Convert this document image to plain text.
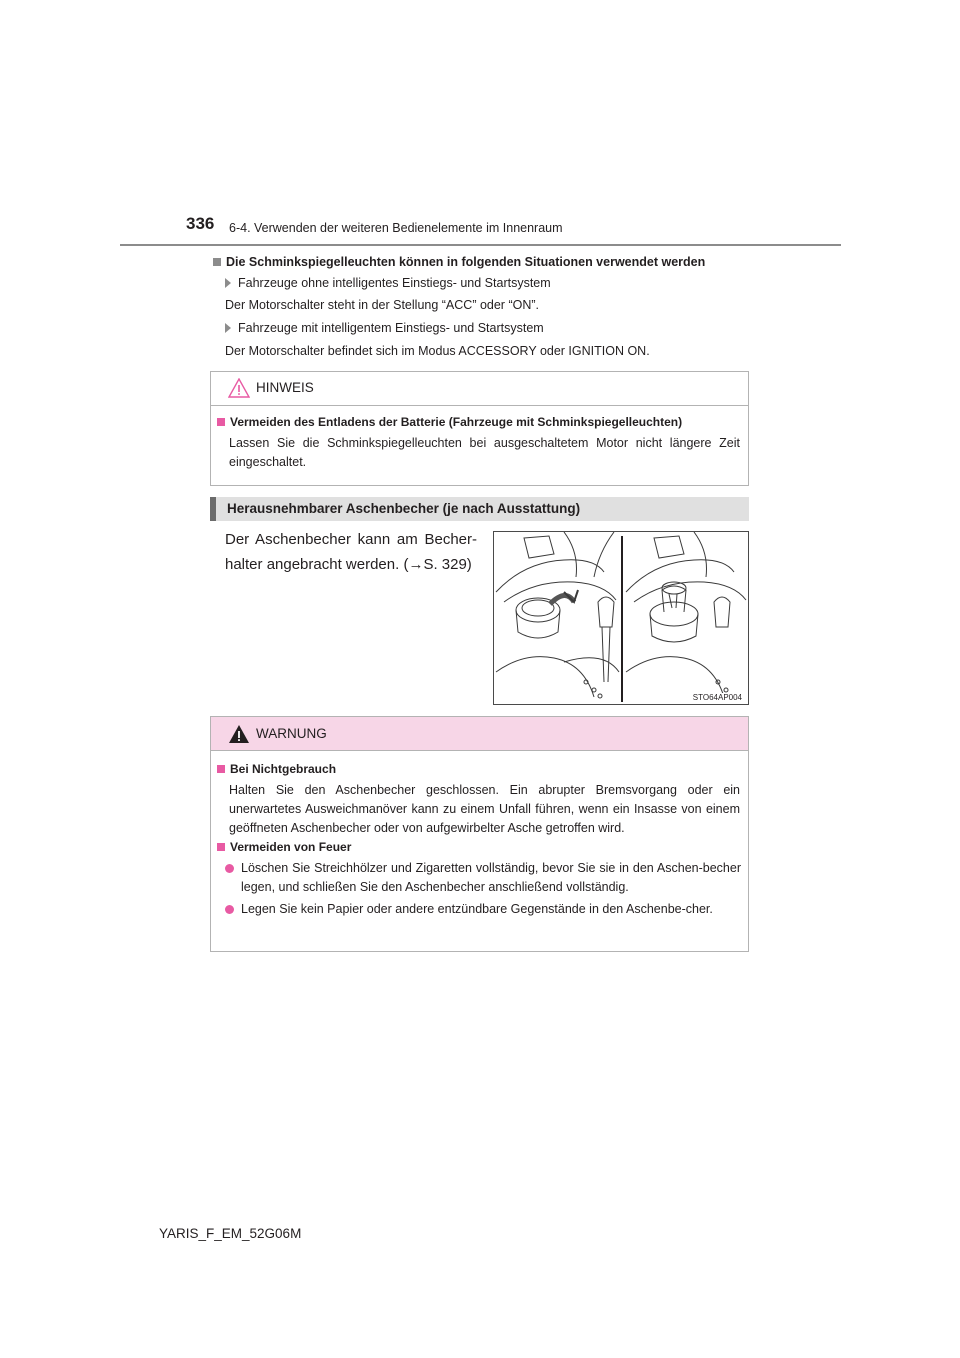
336 6-4. Verwenden der weiteren Bedienelemente im Innenraum
Die Schminkspiegelleuchten können in folgenden Situationen verwendet werden
Fahrzeuge ohne intelligentes Einstiegs- und Startsystem
Der Motorschalter steht in der Stellung “ACC” oder “ON”.
Fahrzeuge mit intelligentem Einstiegs- und Startsystem
Der Motorschalter befindet sich im Modus ACCESSORY oder IGNITION ON.
HINWEIS
Vermeiden des Entladens der Batterie (Fahrzeuge mit Schminkspiegelleuchten)
Lassen Sie die Schminkspiegelleuchten bei ausgeschaltetem Motor nicht längere Zeit eingeschaltet.
Herausnehmbarer Aschenbecher (je nach Ausstattung)
Der Aschenbecher kann am Becher-halter angebracht werden. (→S. 329)
STO64AP004
WARNUNG
Bei Nichtgebrauch
Halten Sie den Aschenbecher geschlossen. Ein abrupter Bremsvorgang oder ein unerwartetes Ausweichmanöver kann zu einem Unfall führen, wenn ein Insasse von einem geöffneten Aschenbecher oder von aufgewirbelter Asche getroffen wird.
Vermeiden von Feuer
Löschen Sie Streichhölzer und Zigaretten vollständig, bevor Sie sie in den Aschen-becher legen, und schließen Sie den Aschenbecher anschließend vollständig.
Legen Sie kein Papier oder andere entzündbare Gegenstände in den Aschenbe-cher.
YARIS_F_EM_52G06M
